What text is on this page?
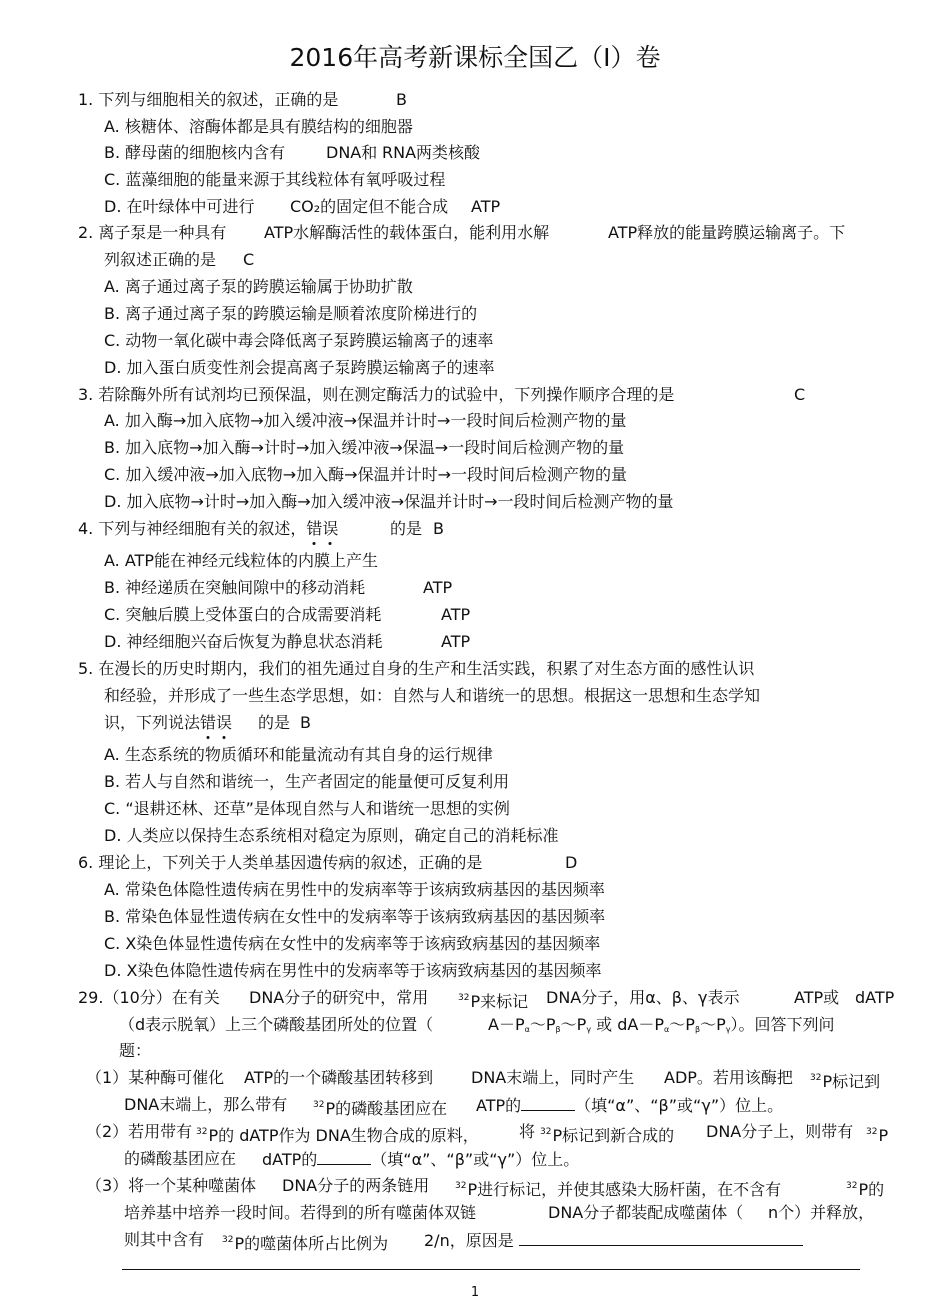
2016年高考新课标全国乙（Ⅰ）卷
1. 下列与细胞相关的叙述，正确的是	B
A. 核糖体、溶酶体都是具有膜结构的细胞器
B. 酵母菌的细胞核内含有	DNA和 RNA两类核酸
C. 蓝藻细胞的能量来源于其线粒体有氧呼吸过程
D. 在叶绿体中可进行 CO₂的固定但不能合成 ATP
2. 离子泵是一种具有 ATP水解酶活性的载体蛋白，能利用水解	ATP释放的能量跨膜运输离子。下
列叙述正确的是 C
A. 离子通过离子泵的跨膜运输属于协助扩散
B. 离子通过离子泵的跨膜运输是顺着浓度阶梯进行的
C. 动物一氧化碳中毒会降低离子泵跨膜运输离子的速率
D. 加入蛋白质变性剂会提高离子泵跨膜运输离子的速率
3. 若除酶外所有试剂均已预保温，则在测定酶活力的试验中，下列操作顺序合理的是	C
A. 加入酶→加入底物→加入缓冲液→保温并计时→一段时间后检测产物的量
B. 加入底物→加入酶→计时→加入缓冲液→保温→一段时间后检测产物的量
C. 加入缓冲液→加入底物→加入酶→保温并计时→一段时间后检测产物的量
D. 加入底物→计时→加入酶→加入缓冲液→保温并计时→一段时间后检测产物的量
4. 下列与神经细胞有关的叙述，错误	的是 B
A. ATP能在神经元线粒体的内膜上产生
B. 神经递质在突触间隙中的移动消耗	ATP
C. 突触后膜上受体蛋白的合成需要消耗	ATP
D. 神经细胞兴奋后恢复为静息状态消耗	ATP
5. 在漫长的历史时期内，我们的祖先通过自身的生产和生活实践，积累了对生态方面的感性认识
和经验，并形成了一些生态学思想，如：自然与人和谐统一的思想。根据这一思想和生态学知
识，下列说法错误 的是 B
A. 生态系统的物质循环和能量流动有其自身的运行规律
B. 若人与自然和谐统一，生产者固定的能量便可反复利用
C. “退耕还林、还草”是体现自然与人和谐统一思想的实例
D. 人类应以保持生态系统相对稳定为原则，确定自己的消耗标准
6. 理论上，下列关于人类单基因遗传病的叙述，正确的是	D
A. 常染色体隐性遗传病在男性中的发病率等于该病致病基因的基因频率
B. 常染色体显性遗传病在女性中的发病率等于该病致病基因的基因频率
C. X染色体显性遗传病在女性中的发病率等于该病致病基因的基因频率
D. X染色体隐性遗传病在男性中的发病率等于该病致病基因的基因频率
29.（10分）在有关 DNA分子的研究中，常用	$^{32}$P来标记 DNA分子，用α、β、γ表示	ATP或 dATP
（d表示脱氧）上三个磷酸基团所处的位置（	$A-P_\alpha\sim P_\beta\sim P_\gamma$ 或 $dA-P_\alpha\sim P_\beta\sim P_\gamma$）。回答下列问
题：
（1）某种酶可催化 ATP的一个磷酸基团转移到 DNA末端上，同时产生 ADP。若用该酶把 $^{32}$P标记到
DNA末端上，那么带有	$^{32}$P的磷酸基团应在 ATP的	（填“α”、“β”或“γ”）位上。
（2）若用带有 $^{32}$P的 dATP作为 DNA生物合成的原料，	将 $^{32}$P标记到新合成的 DNA分子上，则带有 $^{32}$P
的磷酸基团应在 dATP的	（填“α”、“β”或“γ”）位上。
（3）将一个某种噬菌体 DNA分子的两条链用	$^{32}$P进行标记，并使其感染大肠杆菌，在不含有	$^{32}$P的
培养基中培养一段时间。若得到的所有噬菌体双链	DNA分子都装配成噬菌体（ n个）并释放，
则其中含有 $^{32}$P的噬菌体所占比例为 2/n，原因是
1
